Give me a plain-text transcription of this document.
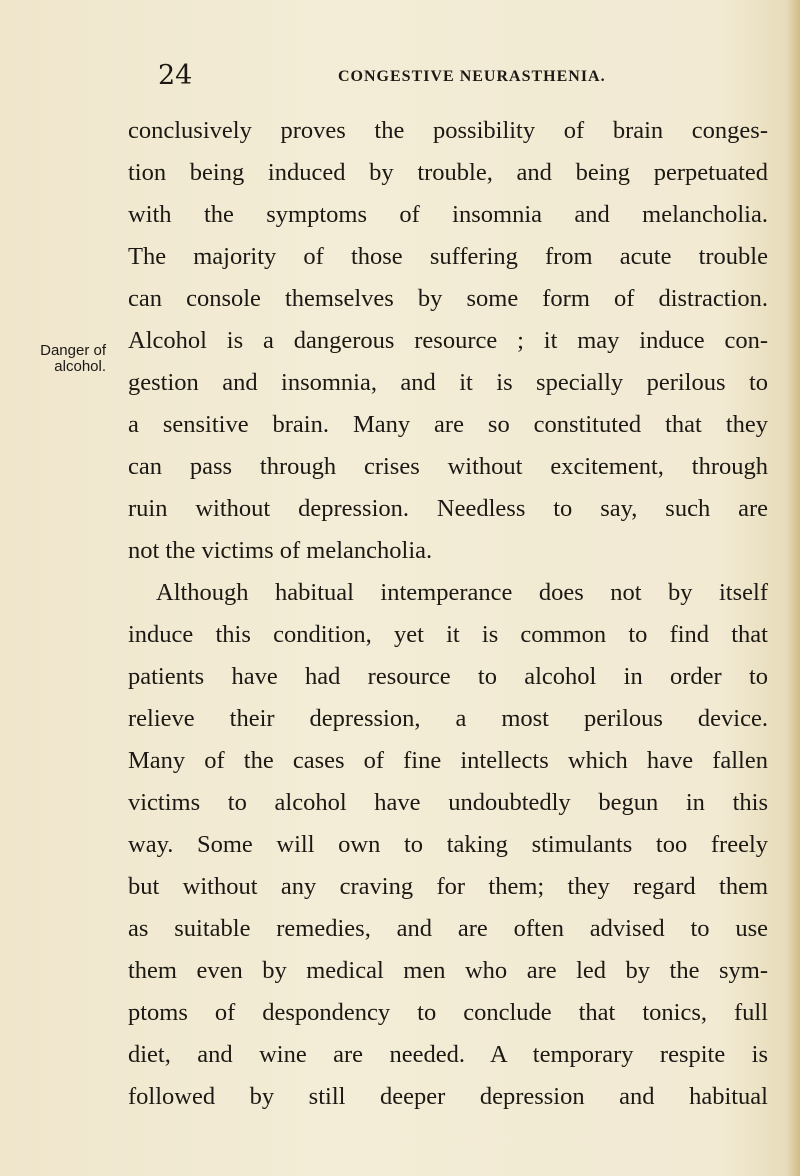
24	CONGESTIVE NEURASTHENIA.
Danger of
alcohol.
conclusively proves the possibility of brain conges-
tion being induced by trouble, and being perpetuated
with the symptoms of insomnia and melancholia.
The majority of those suffering from acute trouble
can console themselves by some form of distraction.
Alcohol is a dangerous resource ; it may induce con-
gestion and insomnia, and it is specially perilous to
a sensitive brain. Many are so constituted that they
can pass through crises without excitement, through
ruin without depression. Needless to say, such are
not the victims of melancholia.
Although habitual intemperance does not by itself
induce this condition, yet it is common to find that
patients have had resource to alcohol in order to
relieve their depression, a most perilous device.
Many of the cases of fine intellects which have fallen
victims to alcohol have undoubtedly begun in this
way. Some will own to taking stimulants too freely
but without any craving for them; they regard them
as suitable remedies, and are often advised to use
them even by medical men who are led by the sym-
ptoms of despondency to conclude that tonics, full
diet, and wine are needed. A temporary respite is
followed by still deeper depression and habitual
